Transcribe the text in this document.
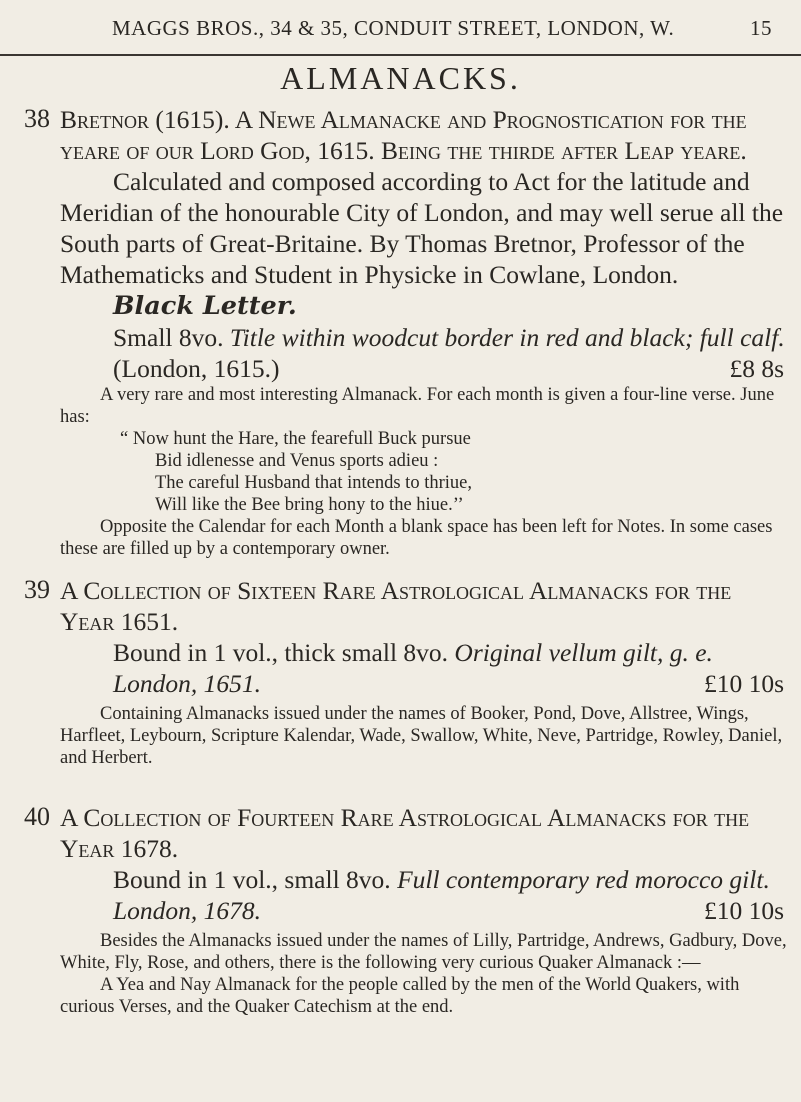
MAGGS BROS., 34 & 35, CONDUIT STREET, LONDON, W.	15
ALMANACKS.
38 Bretnor (1615). A Newe Almanacke and Prognostication for the yeare of our Lord God, 1615. Being the thirde after Leap yeare.

Calculated and composed according to Act for the latitude and Meridian of the honourable City of London, and may well serue all the South parts of Great-Britaine. By Thomas Bretnor, Professor of the Mathematicks and Student in Physicke in Cowlane, London.

Black Letter.

Small 8vo. Title within woodcut border in red and black; full calf.

(London, 1615.)	£8 8s

A very rare and most interesting Almanack. For each month is given a four-line verse. June has:

“ Now hunt the Hare, the fearefull Buck pursue

Bid idlenesse and Venus sports adieu :

The careful Husband that intends to thriue,

Will like the Bee bring hony to the hiue.’’

Opposite the Calendar for each Month a blank space has been left for Notes. In some cases these are filled up by a contemporary owner.

39 A Collection of Sixteen Rare Astrological Almanacks for the Year 1651.

Bound in 1 vol., thick small 8vo. Original vellum gilt, g. e.

London, 1651.	£10 10s

Containing Almanacks issued under the names of Booker, Pond, Dove, Allstree, Wings, Harfleet, Leybourn, Scripture Kalendar, Wade, Swallow, White, Neve, Partridge, Rowley, Daniel, and Herbert.

40 A Collection of Fourteen Rare Astrological Almanacks for the Year 1678.

Bound in 1 vol., small 8vo. Full contemporary red morocco gilt.

London, 1678.	£10 10s

Besides the Almanacks issued under the names of Lilly, Partridge, Andrews, Gadbury, Dove, White, Fly, Rose, and others, there is the following very curious Quaker Almanack :—

A Yea and Nay Almanack for the people called by the men of the World Quakers, with curious Verses, and the Quaker Catechism at the end.
